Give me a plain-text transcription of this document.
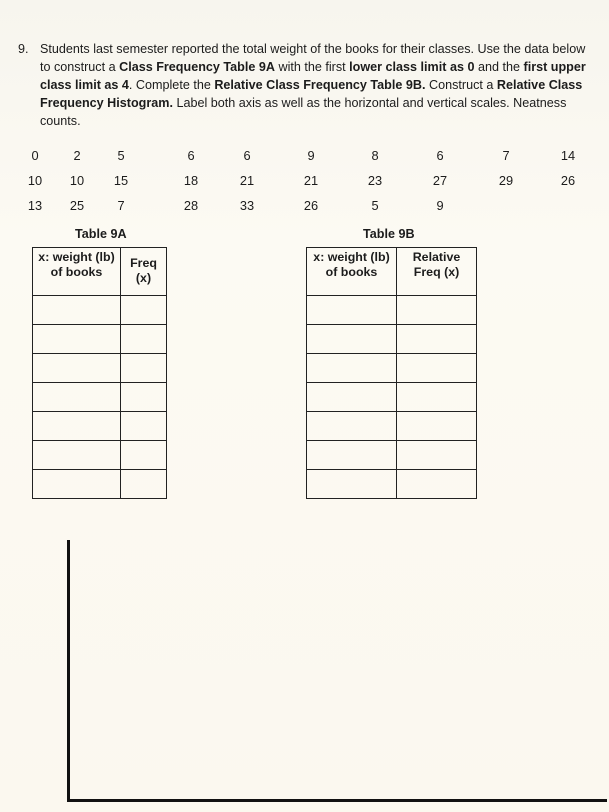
9. Students last semester reported the total weight of the books for their classes. Use the data below to construct a Class Frequency Table 9A with the first lower class limit as 0 and the first upper class limit as 4. Complete the Relative Class Frequency Table 9B. Construct a Relative Class Frequency Histogram. Label both axis as well as the horizontal and vertical scales. Neatness counts.
0	2	5	6	6	9	8	6	7	14
10	10	15	18	21	21	23	27	29	26
13	25	7	28	33	26	5	9
Table 9A
x: weight (lb)
of books	Freq
(x)

Table 9B
x: weight (lb)
of books	Relative
Freq (x)
